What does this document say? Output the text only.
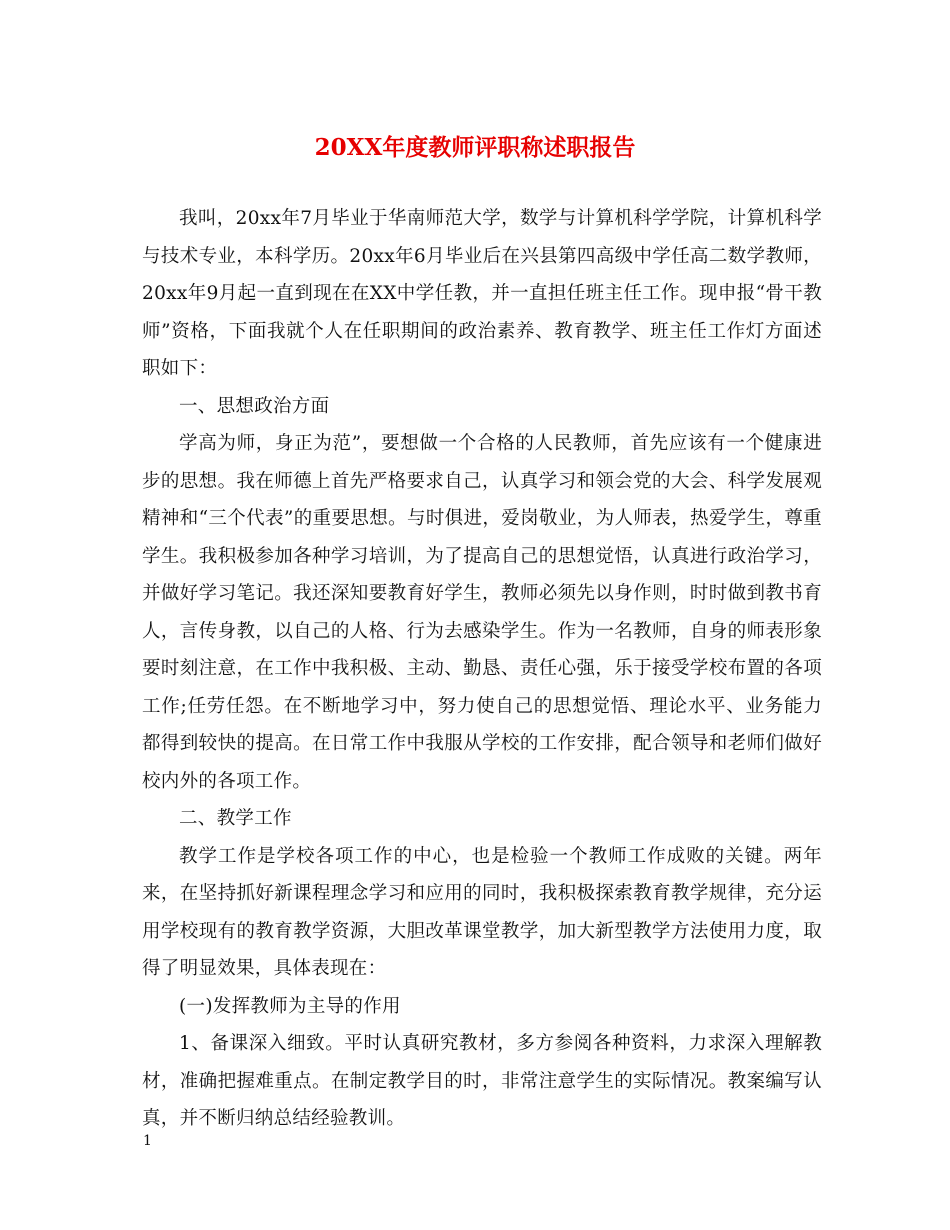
20XX年度教师评职称述职报告

我叫，20xx年7月毕业于华南师范大学，数学与计算机科学学院，计算机科学与技术专业，本科学历。20xx年6月毕业后在兴县第四高级中学任高二数学教师，20xx年9月起一直到现在在XX中学任教，并一直担任班主任工作。现申报“骨干教师”资格，下面我就个人在任职期间的政治素养、教育教学、班主任工作灯方面述职如下：

一、思想政治方面

学高为师，身正为范”，要想做一个合格的人民教师，首先应该有一个健康进步的思想。我在师德上首先严格要求自己，认真学习和领会党的大会、科学发展观精神和“三个代表”的重要思想。与时俱进，爱岗敬业，为人师表，热爱学生，尊重学生。我积极参加各种学习培训，为了提高自己的思想觉悟，认真进行政治学习，并做好学习笔记。我还深知要教育好学生，教师必须先以身作则，时时做到教书育人，言传身教，以自己的人格、行为去感染学生。作为一名教师，自身的师表形象要时刻注意，在工作中我积极、主动、勤恳、责任心强，乐于接受学校布置的各项工作;任劳任怨。在不断地学习中，努力使自己的思想觉悟、理论水平、业务能力都得到较快的提高。在日常工作中我服从学校的工作安排，配合领导和老师们做好校内外的各项工作。

二、教学工作

教学工作是学校各项工作的中心，也是检验一个教师工作成败的关键。两年来，在坚持抓好新课程理念学习和应用的同时，我积极探索教育教学规律，充分运用学校现有的教育教学资源，大胆改革课堂教学，加大新型教学方法使用力度，取得了明显效果，具体表现在：

(一)发挥教师为主导的作用

1、备课深入细致。平时认真研究教材，多方参阅各种资料，力求深入理解教材，准确把握难重点。在制定教学目的时，非常注意学生的实际情况。教案编写认真，并不断归纳总结经验教训。

1
